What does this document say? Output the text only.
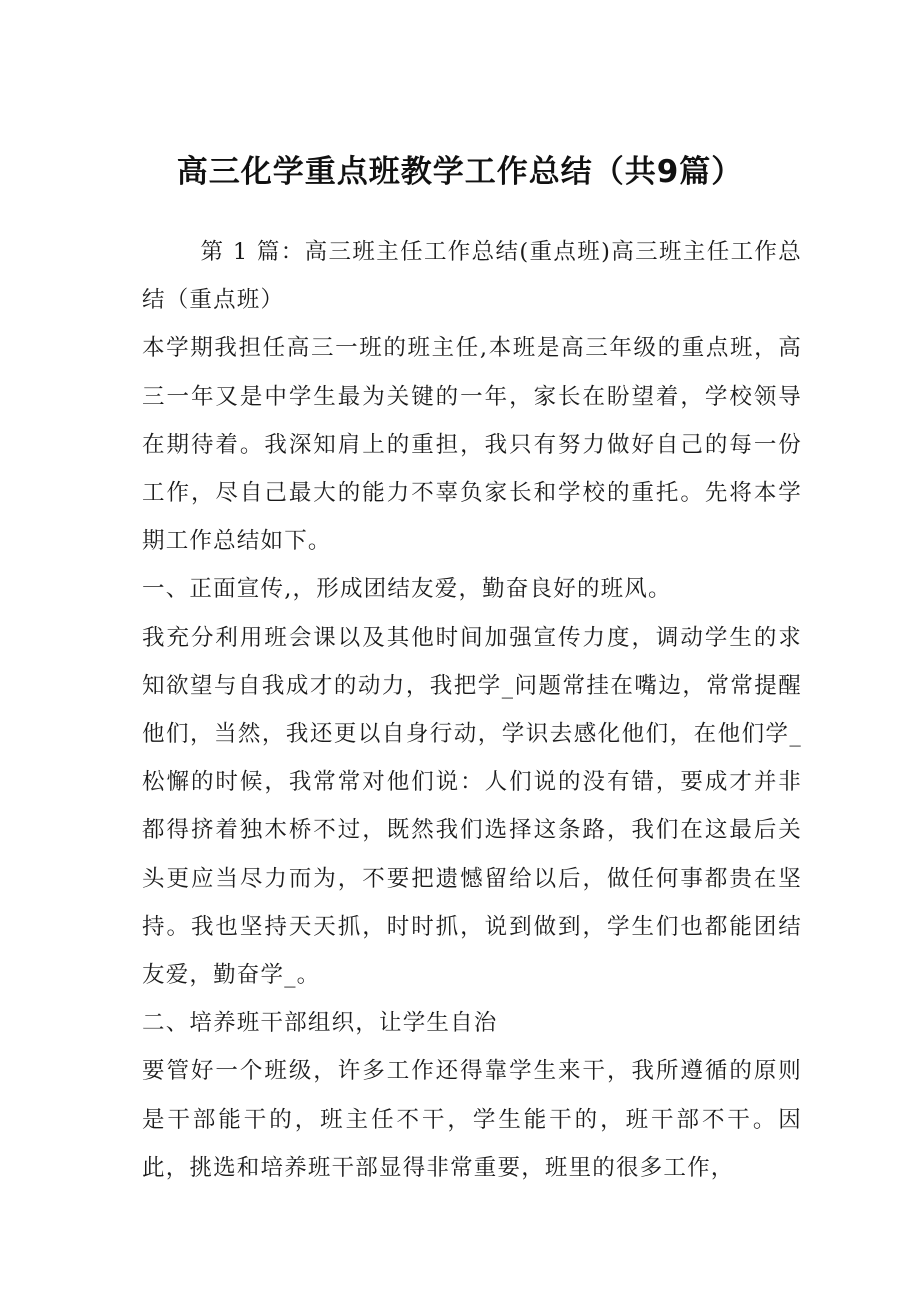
高三化学重点班教学工作总结（共9篇）

第 1 篇：高三班主任工作总结(重点班)高三班主任工作总结（重点班）

本学期我担任高三一班的班主任,本班是高三年级的重点班，高三一年又是中学生最为关键的一年，家长在盼望着，学校领导在期待着。我深知肩上的重担，我只有努力做好自己的每一份工作，尽自己最大的能力不辜负家长和学校的重托。先将本学期工作总结如下。

一、正面宣传,，形成团结友爱，勤奋良好的班风。

我充分利用班会课以及其他时间加强宣传力度，调动学生的求知欲望与自我成才的动力，我把学_问题常挂在嘴边，常常提醒他们，当然，我还更以自身行动，学识去感化他们，在他们学_松懈的时候，我常常对他们说：人们说的没有错，要成才并非都得挤着独木桥不过，既然我们选择这条路，我们在这最后关头更应当尽力而为，不要把遗憾留给以后，做任何事都贵在坚持。我也坚持天天抓，时时抓，说到做到，学生们也都能团结友爱，勤奋学_。

二、培养班干部组织，让学生自治

要管好一个班级，许多工作还得靠学生来干，我所遵循的原则是干部能干的，班主任不干，学生能干的，班干部不干。因此，挑选和培养班干部显得非常重要，班里的很多工作，
